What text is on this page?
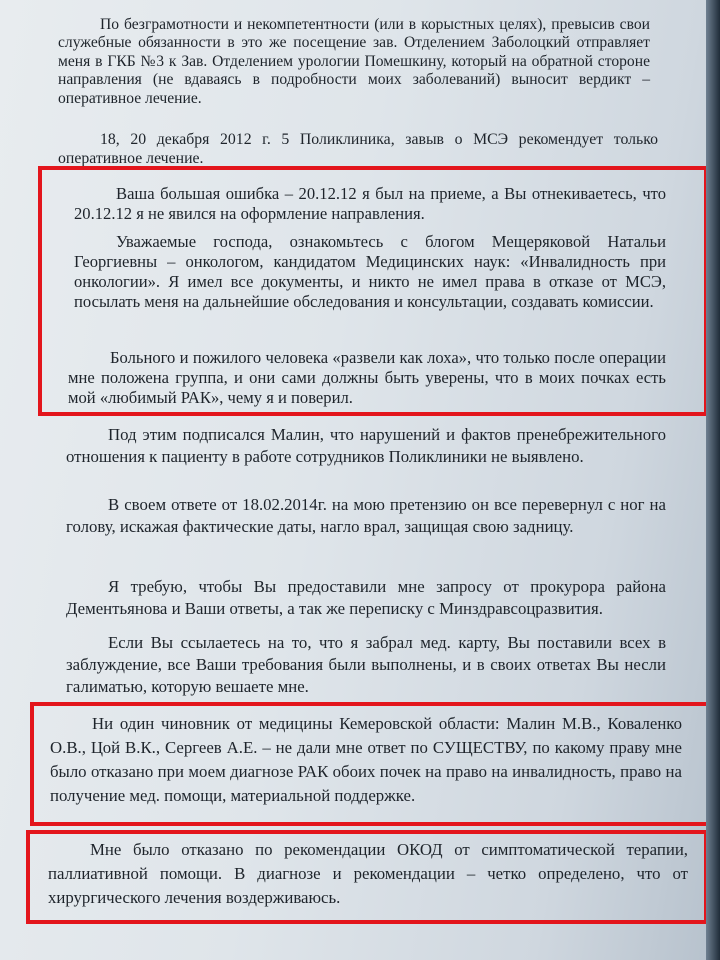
По безграмотности и некомпетентности (или в корыстных целях), превысив свои служебные обязанности в это же посещение зав. Отделением Заболоцкий отправляет меня в ГКБ №3 к Зав. Отделением урологии Помешкину, который на обратной стороне направления (не вдаваясь в подробности моих заболеваний) выносит вердикт – оперативное лечение.

18, 20 декабря 2012 г. 5 Поликлиника, завыв о МСЭ рекомендует только оперативное лечение.

Ваша большая ошибка – 20.12.12 я был на приеме, а Вы отнекиваетесь, что 20.12.12 я не явился на оформление направления.

Уважаемые господа, ознакомьтесь с блогом Мещеряковой Натальи Георгиевны – онкологом, кандидатом Медицинских наук: «Инвалидность при онкологии». Я имел все документы, и никто не имел права в отказе от МСЭ, посылать меня на дальнейшие обследования и консультации, создавать комиссии.

Больного и пожилого человека «развели как лоха», что только после операции мне положена группа, и они сами должны быть уверены, что в моих почках есть мой «любимый РАК», чему я и поверил.

Под этим подписался Малин, что нарушений и фактов пренебрежительного отношения к пациенту в работе сотрудников Поликлиники не выявлено.

В своем ответе от 18.02.2014г. на мою претензию он все перевернул с ног на голову, искажая фактические даты, нагло врал, защищая свою задницу.

Я требую, чтобы Вы предоставили мне запросу от прокурора района Дементьянова и Ваши ответы, а так же переписку с Минздравсоцразвития.

Если Вы ссылаетесь на то, что я забрал мед. карту, Вы поставили всех в заблуждение, все Ваши требования были выполнены, и в своих ответах Вы несли галиматью, которую вешаете мне.

Ни один чиновник от медицины Кемеровской области: Малин М.В., Коваленко О.В., Цой В.К., Сергеев А.Е. – не дали мне ответ по СУЩЕСТВУ, по какому праву мне было отказано при моем диагнозе РАК обоих почек на право на инвалидность, право на получение мед. помощи, материальной поддержке.

Мне было отказано по рекомендации ОКОД от симптоматической терапии, паллиативной помощи. В диагнозе и рекомендации – четко определено, что от хирургического лечения воздерживаюсь.
